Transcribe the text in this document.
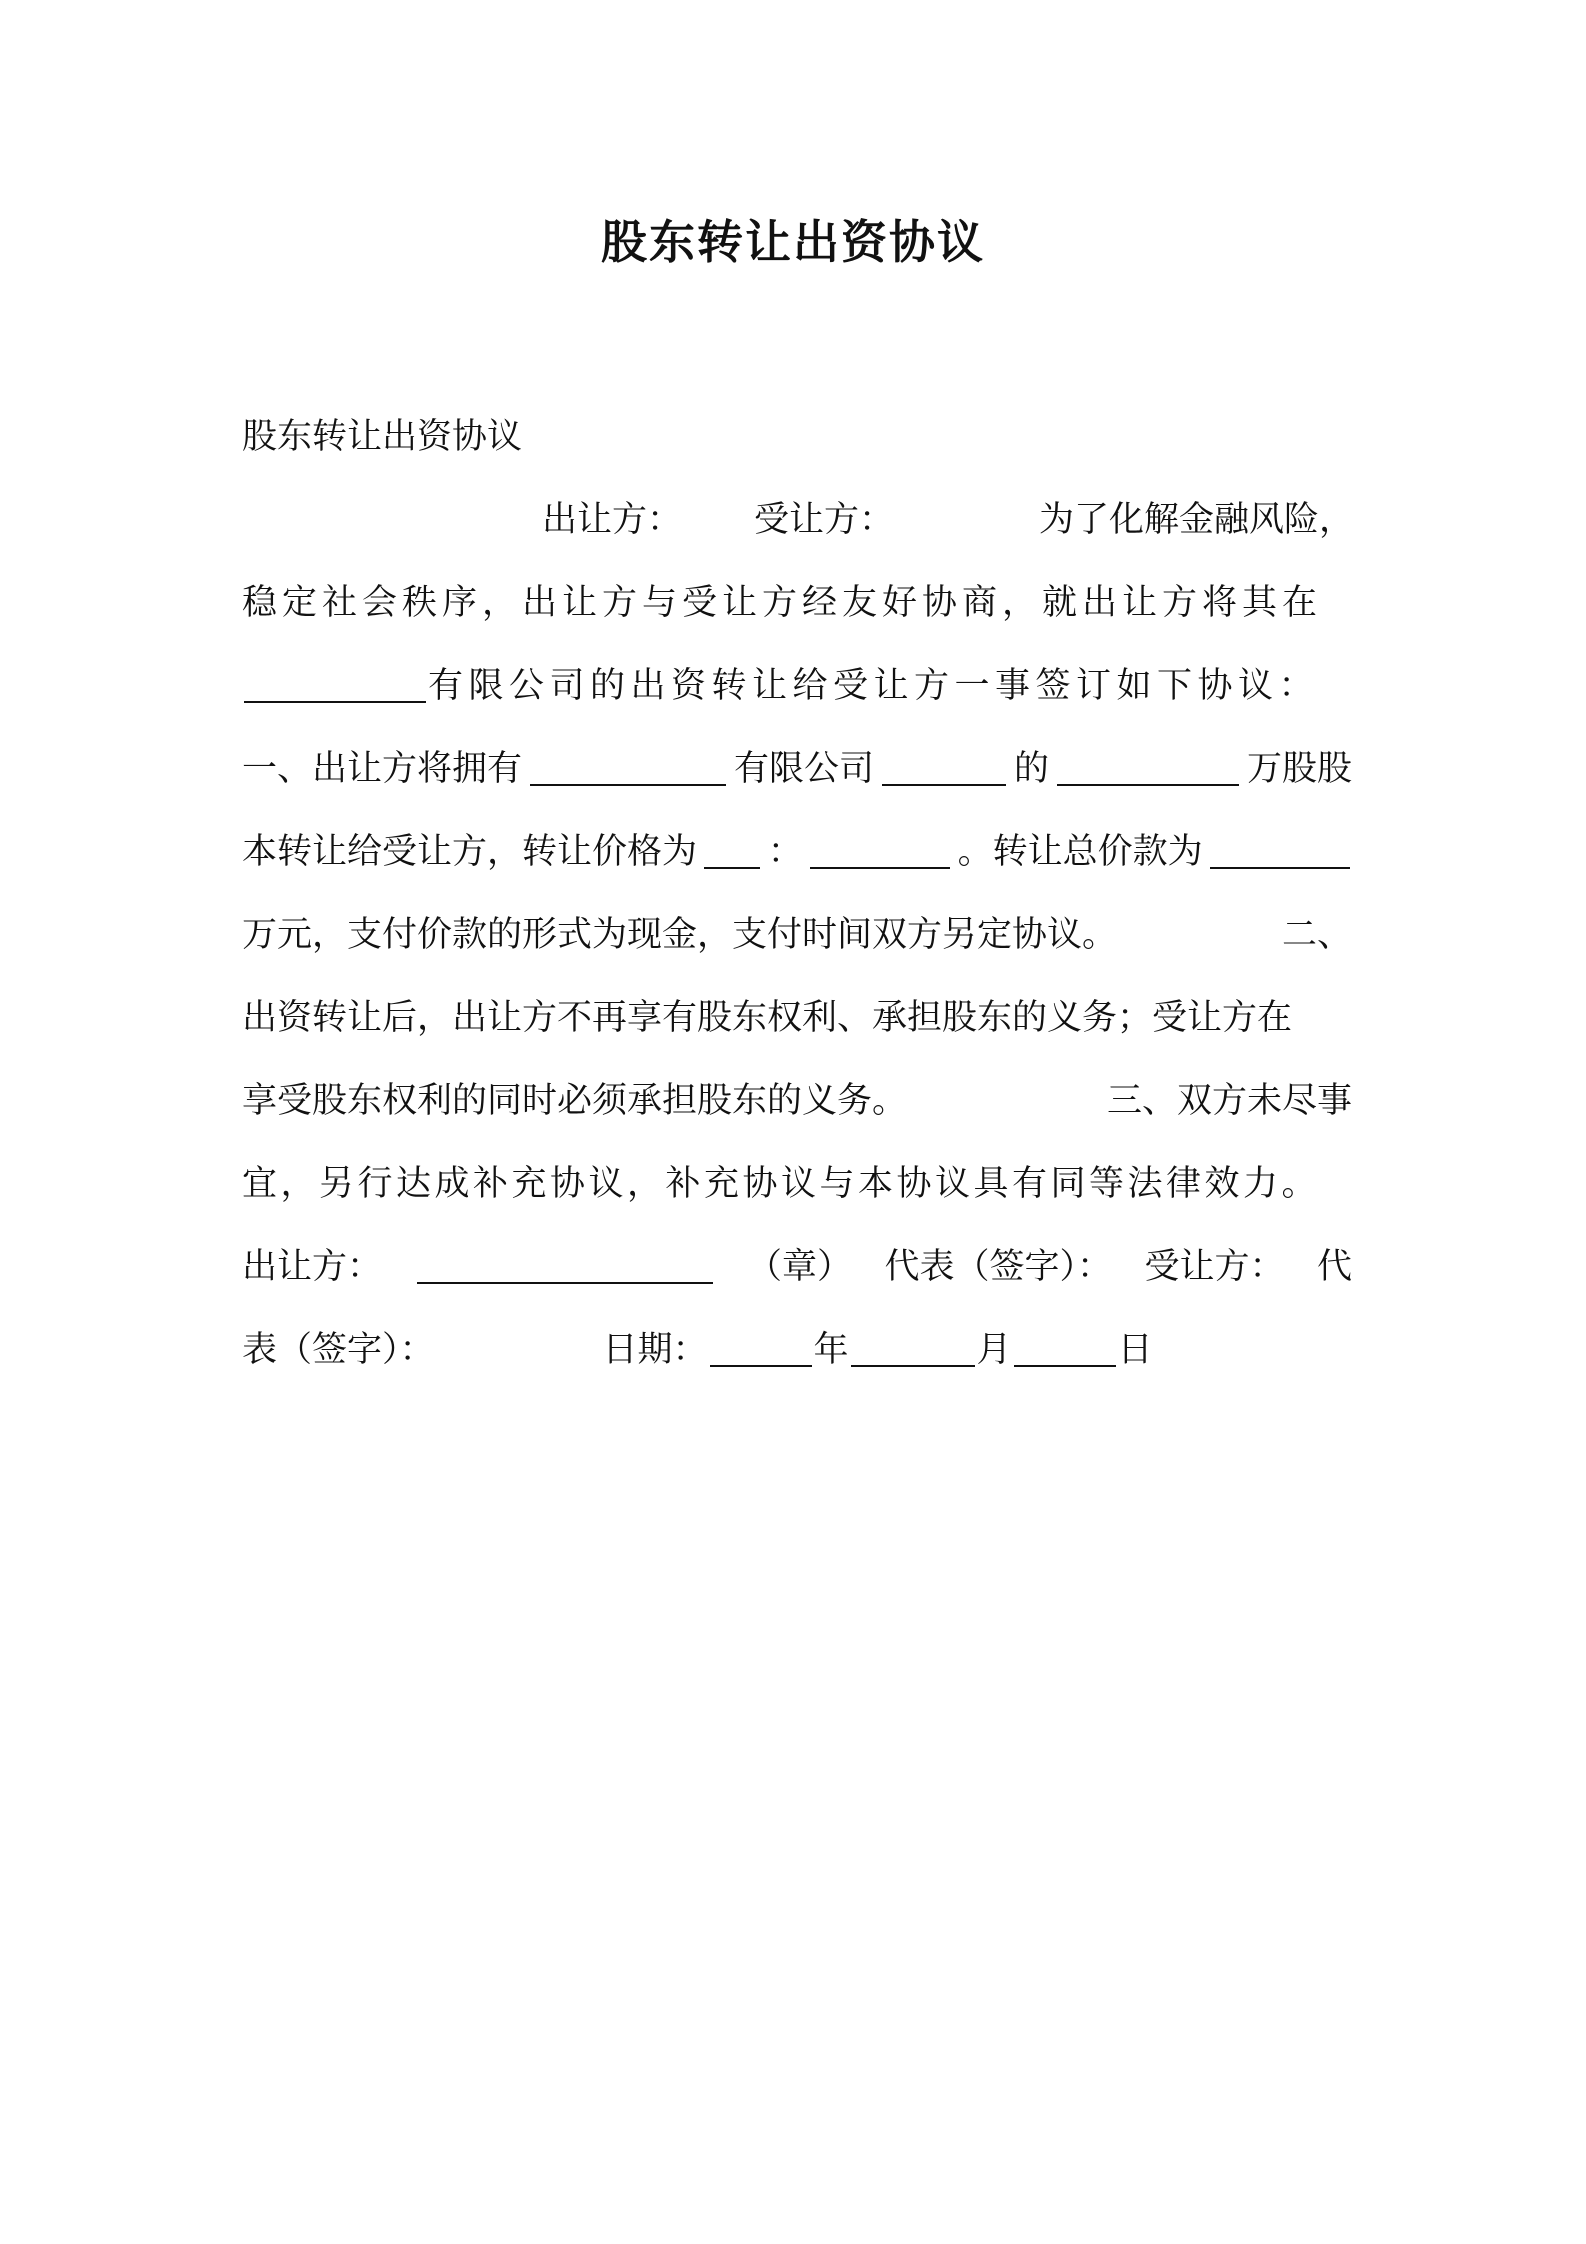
股东转让出资协议
股东转让出资协议
出让方： 受让方：	为了化解金融风险，
稳定社会秩序，出让方与受让方经友好协商，就出让方将其在
有限公司的出资转让给受让方一事签订如下协议：
一、出让方将拥有	有限公司	的	万股股
本转让给受让方，转让价格为 ：	。转让总价款为
万元，支付价款的形式为现金，支付时间双方另定协议。	二、
出资转让后，出让方不再享有股东权利、承担股东的义务；受让方在
享受股东权利的同时必须承担股东的义务。	三、双方未尽事
宜，另行达成补充协议，补充协议与本协议具有同等法律效力。
出让方：	（章） 代表（签字）： 受让方： 代
表（签字）：	日期：	年	月	日
